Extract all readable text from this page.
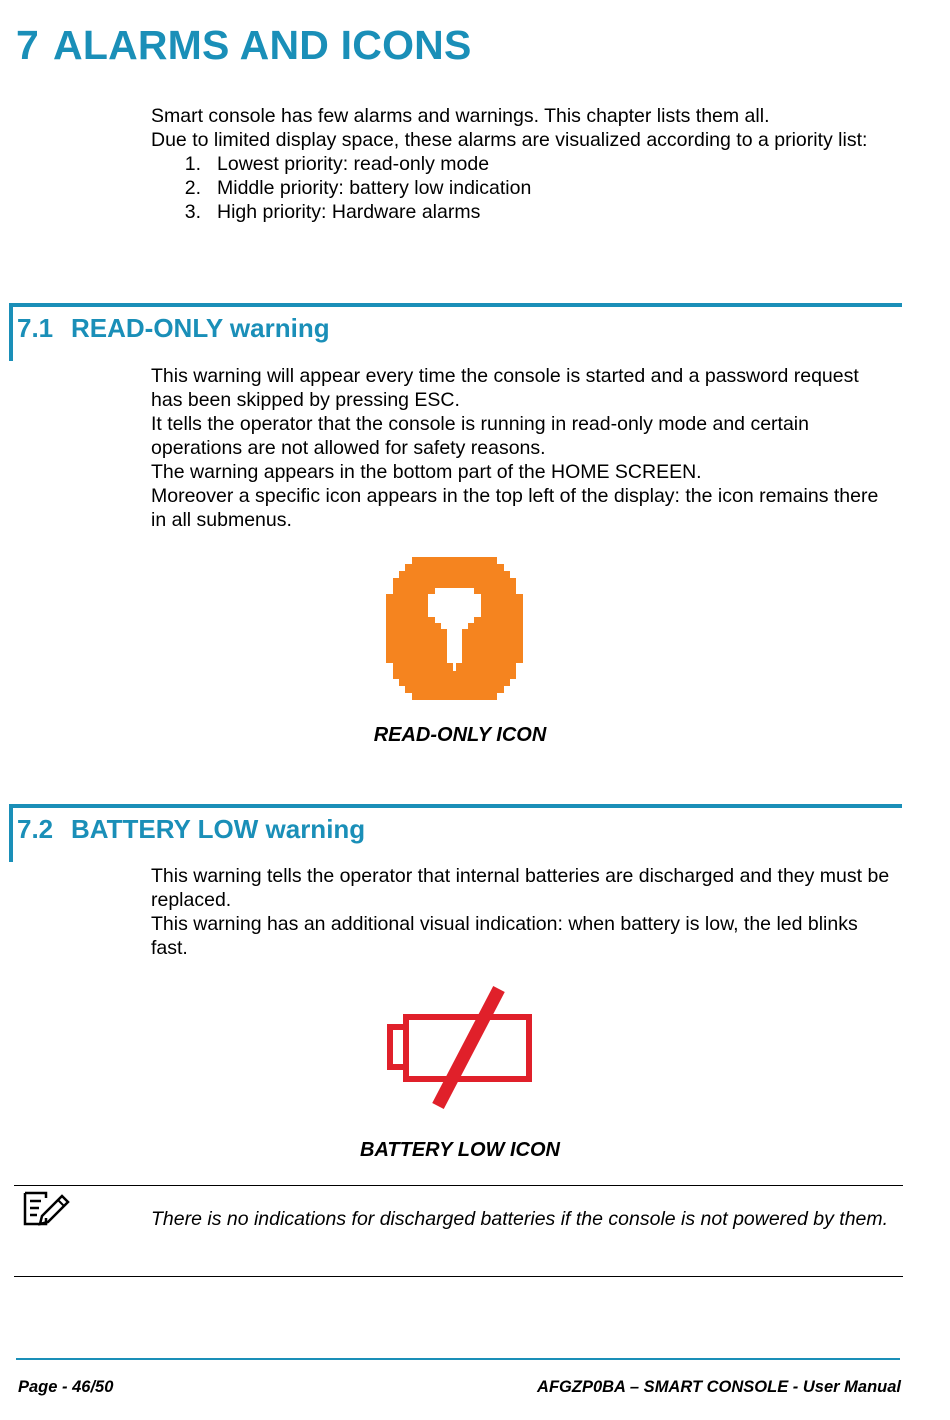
7 ALARMS AND ICONS
Smart console has few alarms and warnings. This chapter lists them all.
Due to limited display space, these alarms are visualized according to a priority list:
1. Lowest priority: read-only mode
2. Middle priority: battery low indication
3. High priority: Hardware alarms
7.1 READ-ONLY warning
This warning will appear every time the console is started and a password request has been skipped by pressing ESC.
It tells the operator that the console is running in read-only mode and certain operations are not allowed for safety reasons.
The warning appears in the bottom part of the HOME SCREEN.
Moreover a specific icon appears in the top left of the display: the icon remains there in all submenus.

READ-ONLY ICON

7.2 BATTERY LOW warning
This warning tells the operator that internal batteries are discharged and they must be replaced.
This warning has an additional visual indication: when battery is low, the led blinks fast.

BATTERY LOW ICON

There is no indications for discharged batteries if the console is not powered by them.

Page - 46/50	AFGZP0BA – SMART CONSOLE - User Manual
